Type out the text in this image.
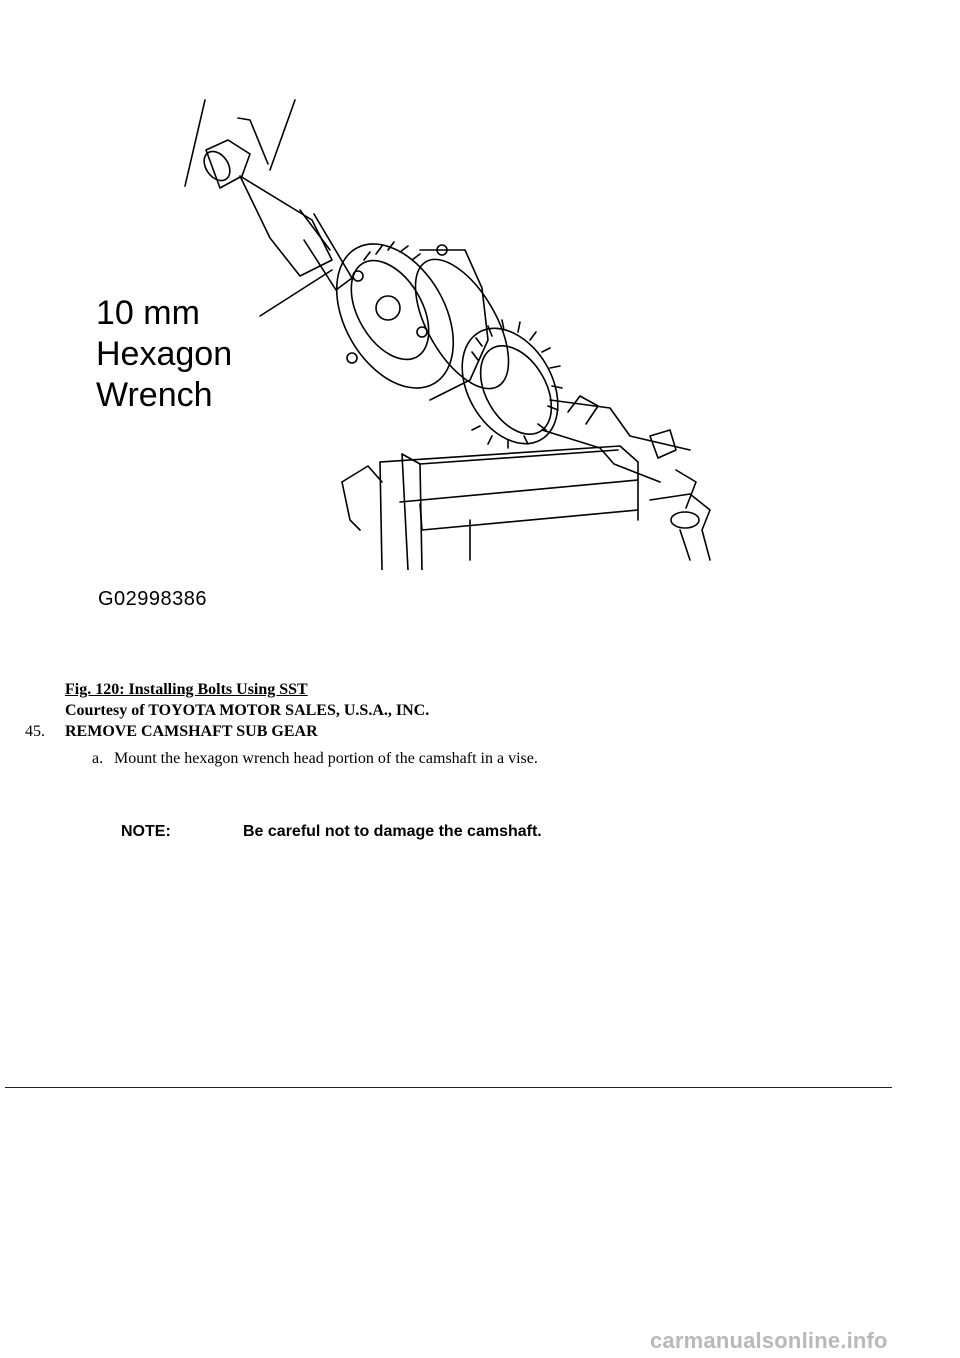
10 mm
Hexagon
Wrench
G02998386
Fig. 120: Installing Bolts Using SST
Courtesy of TOYOTA MOTOR SALES, U.S.A., INC.
45. REMOVE CAMSHAFT SUB GEAR
a. Mount the hexagon wrench head portion of the camshaft in a vise.
NOTE:	Be careful not to damage the camshaft.
carmanualsonline.info
